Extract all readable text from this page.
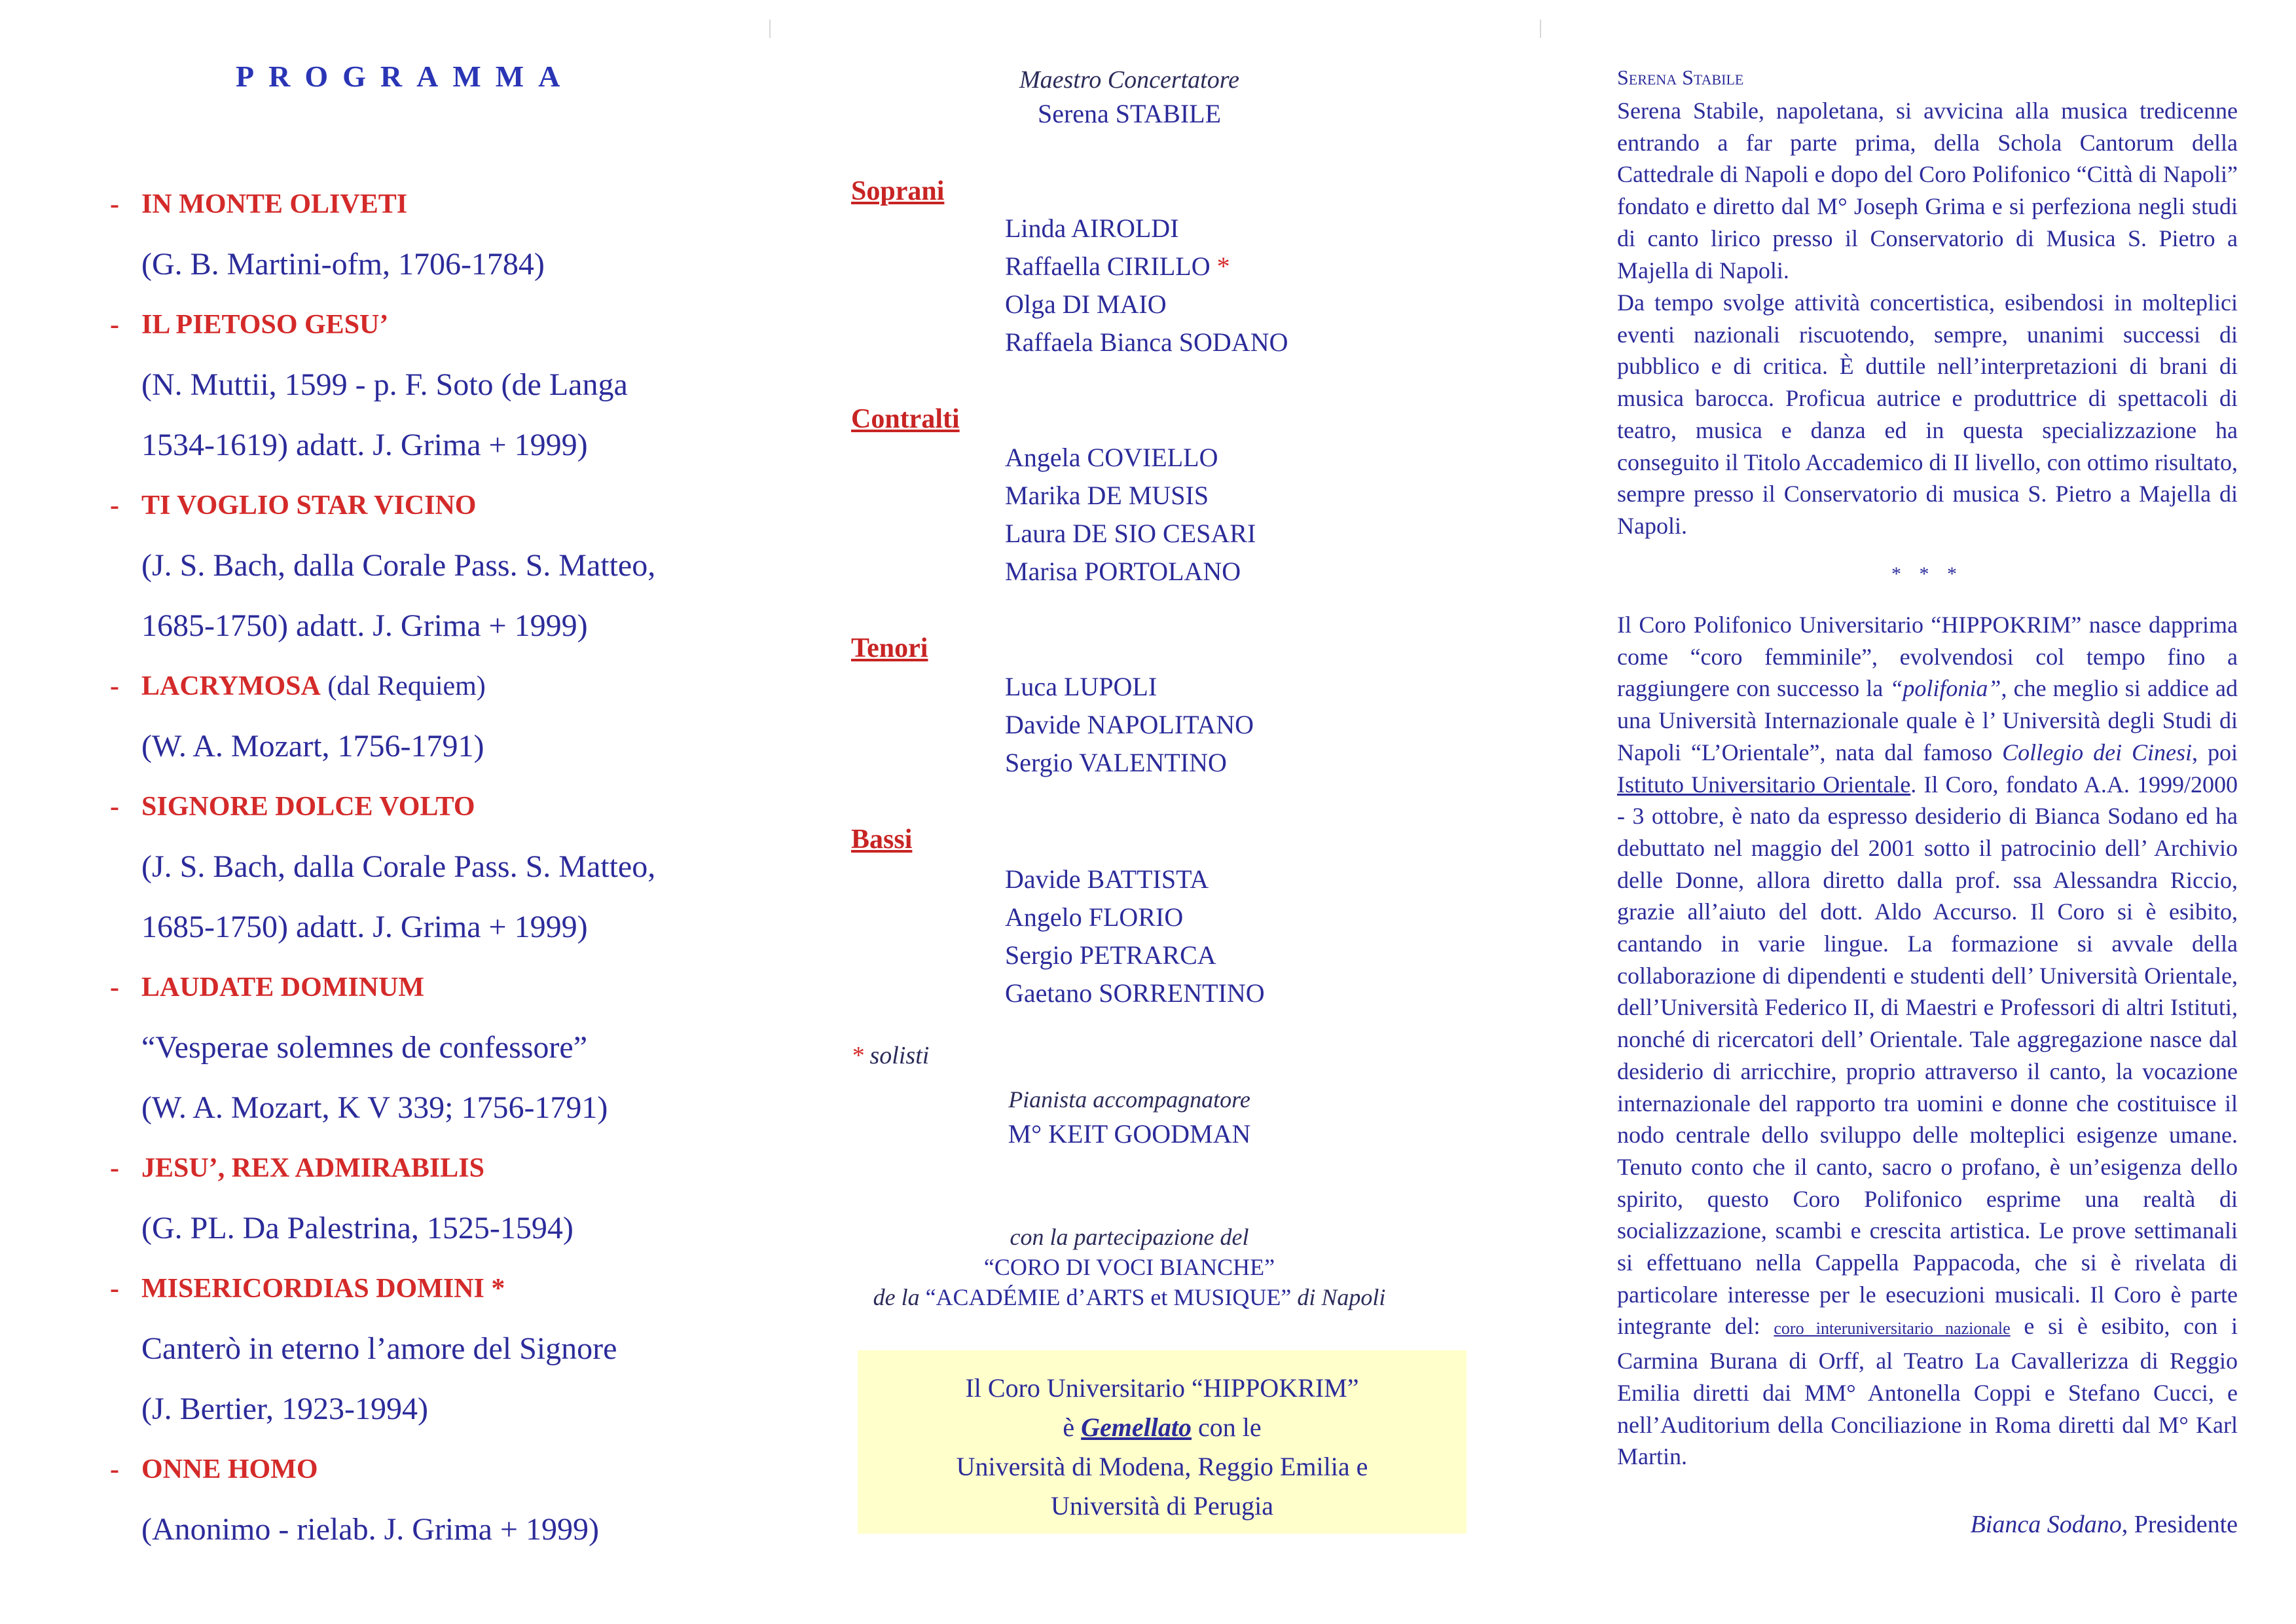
PROGRAMMA
- IN MONTE OLIVETI
(G. B. Martini-ofm, 1706-1784)
- IL PIETOSO GESU’
(N. Muttii, 1599 - p. F. Soto (de Langa
1534-1619) adatt. J. Grima + 1999)
- TI VOGLIO STAR VICINO
(J. S. Bach, dalla Corale Pass. S. Matteo,
1685-1750) adatt. J. Grima + 1999)
- LACRYMOSA (dal Requiem)
(W. A. Mozart, 1756-1791)
- SIGNORE DOLCE VOLTO
(J. S. Bach, dalla Corale Pass. S. Matteo,
1685-1750) adatt. J. Grima + 1999)
- LAUDATE DOMINUM
“Vesperae solemnes de confessore”
(W. A. Mozart, K V 339; 1756-1791)
- JESU’, REX ADMIRABILIS
(G. PL. Da Palestrina, 1525-1594)
- MISERICORDIAS DOMINI *
Canterò in eterno l’amore del Signore
(J. Bertier, 1923-1994)
- ONNE HOMO
(Anonimo - rielab. J. Grima + 1999)
Maestro Concertatore
Serena STABILE
Soprani
Linda AIROLDI
Raffaella CIRILLO *
Olga DI MAIO
Raffaela Bianca SODANO
Contralti
Angela COVIELLO
Marika DE MUSIS
Laura DE SIO CESARI
Marisa PORTOLANO
Tenori
Luca LUPOLI
Davide NAPOLITANO
Sergio VALENTINO
Bassi
Davide BATTISTA
Angelo FLORIO
Sergio PETRARCA
Gaetano SORRENTINO
* solisti
Pianista accompagnatore
M° KEIT GOODMAN
con la partecipazione del
“CORO DI VOCI BIANCHE”
de la “ACADÉMIE d’ARTS et MUSIQUE” di Napoli
Il Coro Universitario “HIPPOKRIM”
è Gemellato con le
Università di Modena, Reggio Emilia e
Università di Perugia
Serena Stabile

Serena Stabile, napoletana, si avvicina alla musica tredicenne entrando a far parte prima, della Schola Cantorum della Cattedrale di Napoli e dopo del Coro Polifonico “Città di Napoli” fondato e diretto dal M° Joseph Grima e si perfeziona negli studi di canto lirico presso il Conservatorio di Musica S. Pietro a Majella di Napoli.

Da tempo svolge attività concertistica, esibendosi in molteplici eventi nazionali riscuotendo, sempre, unanimi successi di pubblico e di critica. È duttile nell’interpretazioni di brani di musica barocca. Proficua autrice e produttrice di spettacoli di teatro, musica e danza ed in questa specializzazione ha conseguito il Titolo Accademico di II livello, con ottimo risultato, sempre presso il Conservatorio di musica S. Pietro a Majella di Napoli.

* * *

Il Coro Polifonico Universitario “HIPPOKRIM” nasce dapprima come “coro femminile”, evolvendosi col tempo fino a raggiungere con successo la “polifonia”, che meglio si addice ad una Università Internazionale quale è l’ Università degli Studi di Napoli “L’Orientale”, nata dal famoso Collegio dei Cinesi, poi Istituto Universitario Orientale. Il Coro, fondato A.A. 1999/2000 - 3 ottobre, è nato da espresso desiderio di Bianca Sodano ed ha debuttato nel maggio del 2001 sotto il patrocinio dell’ Archivio delle Donne, allora diretto dalla prof. ssa Alessandra Riccio, grazie all’aiuto del dott. Aldo Accurso. Il Coro si è esibito, cantando in varie lingue. La formazione si avvale della collaborazione di dipendenti e studenti dell’ Università Orientale, dell’Università Federico II, di Maestri e Professori di altri Istituti, nonché di ricercatori dell’ Orientale. Tale aggregazione nasce dal desiderio di arricchire, proprio attraverso il canto, la vocazione internazionale del rapporto tra uomini e donne che costituisce il nodo centrale dello sviluppo delle molteplici esigenze umane. Tenuto conto che il canto, sacro o profano, è un’esigenza dello spirito, questo Coro Polifonico esprime una realtà di socializzazione, scambi e crescita artistica. Le prove settimanali si effettuano nella Cappella Pappacoda, che si è rivelata di particolare interesse per le esecuzioni musicali. Il Coro è parte integrante del: coro interuniversitario nazionale e si è esibito, con i Carmina Burana di Orff, al Teatro La Cavallerizza di Reggio Emilia diretti dai MM° Antonella Coppi e Stefano Cucci, e nell’Auditorium della Conciliazione in Roma diretti dal M° Karl Martin.

Bianca Sodano, Presidente
